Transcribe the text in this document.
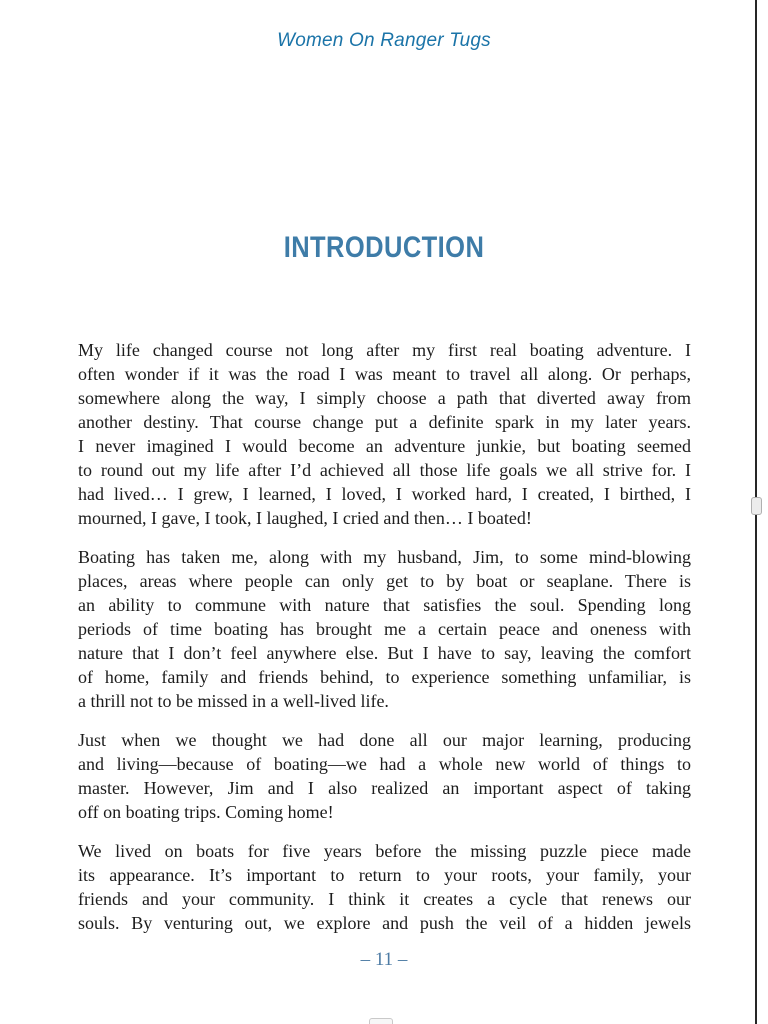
Women On Ranger Tugs
INTRODUCTION

My life changed course not long after my first real boating adventure. I
often wonder if it was the road I was meant to travel all along. Or perhaps,
somewhere along the way, I simply choose a path that diverted away from
another destiny. That course change put a definite spark in my later years.
I never imagined I would become an adventure junkie, but boating seemed
to round out my life after I’d achieved all those life goals we all strive for. I
had lived… I grew, I learned, I loved, I worked hard, I created, I birthed, I
mourned, I gave, I took, I laughed, I cried and then… I boated!

Boating has taken me, along with my husband, Jim, to some mind-blowing
places, areas where people can only get to by boat or seaplane. There is
an ability to commune with nature that satisfies the soul. Spending long
periods of time boating has brought me a certain peace and oneness with
nature that I don’t feel anywhere else. But I have to say, leaving the comfort
of home, family and friends behind, to experience something unfamiliar, is
a thrill not to be missed in a well-lived life.

Just when we thought we had done all our major learning, producing
and living—because of boating—we had a whole new world of things to
master. However, Jim and I also realized an important aspect of taking
off on boating trips. Coming home!

We lived on boats for five years before the missing puzzle piece made
its appearance. It’s important to return to your roots, your family, your
friends and your community. I think it creates a cycle that renews our
souls. By venturing out, we explore and push the veil of a hidden jewels

– 11 –
